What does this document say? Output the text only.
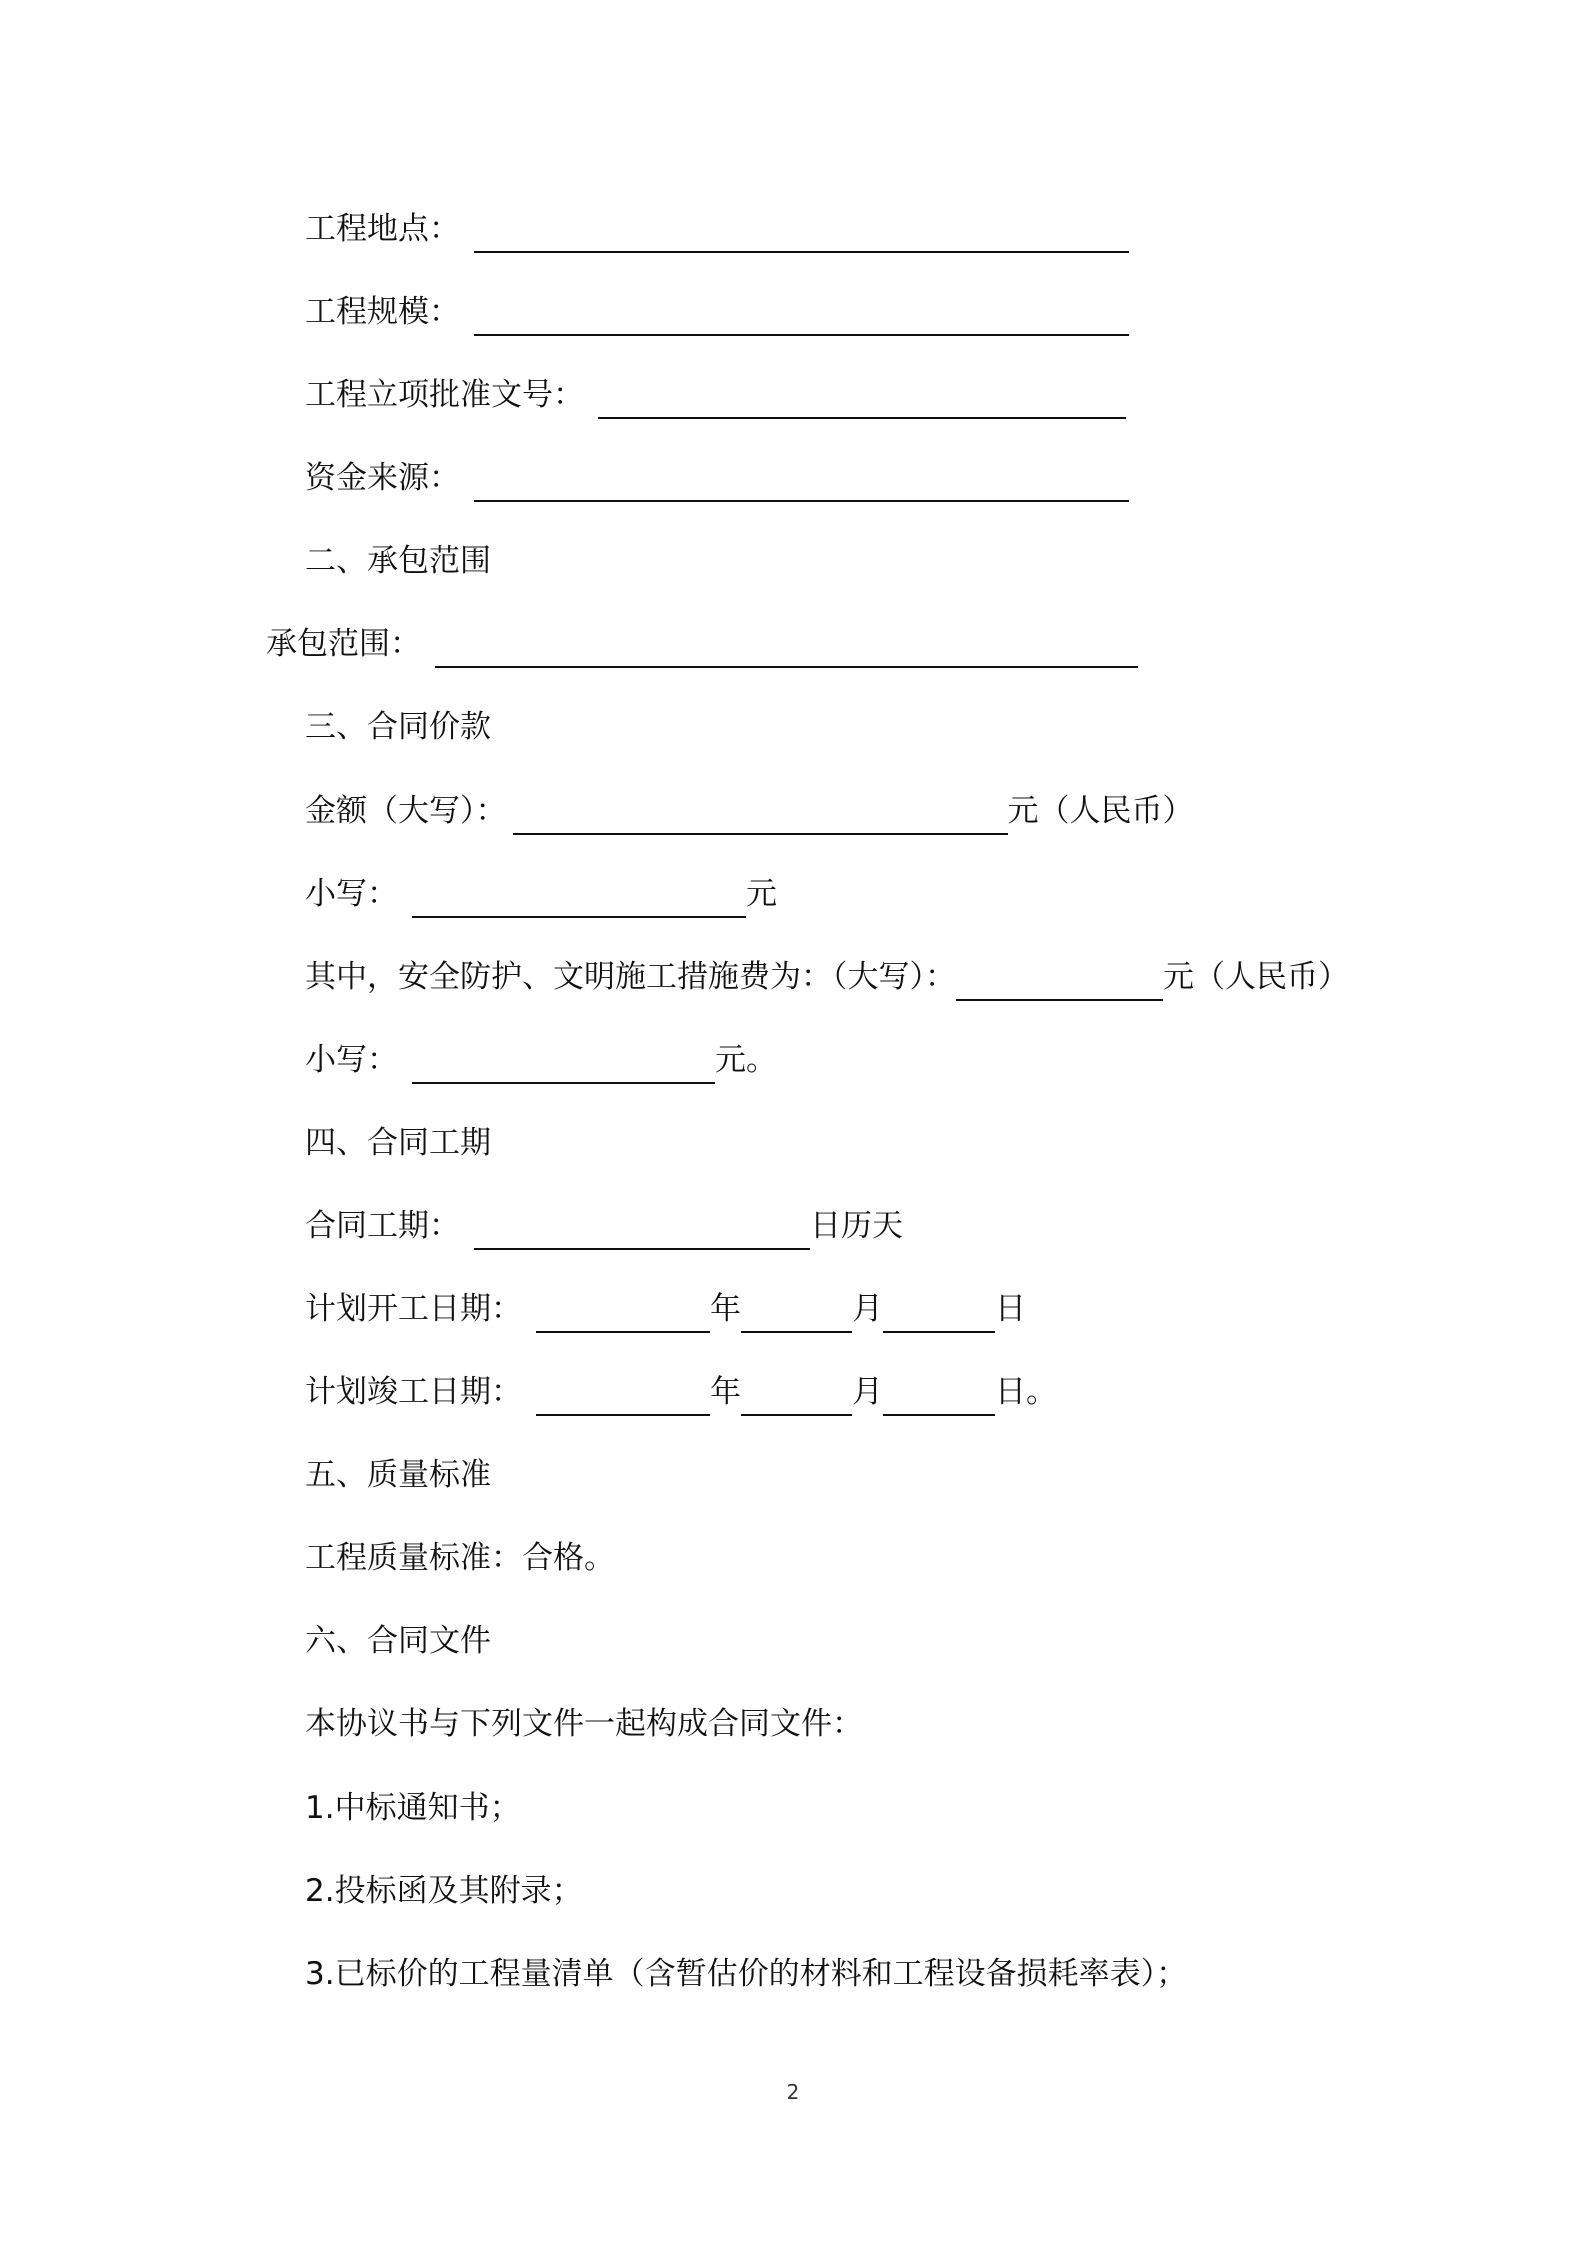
工程地点：
工程规模：
工程立项批准文号：
资金来源：
二、承包范围
承包范围：
三、合同价款
金额（大写）：	元（人民币）
小写：	元
其中，安全防护、文明施工措施费为：（大写）：	元（人民币）
小写：	元。
四、合同工期
合同工期：	日历天
计划开工日期：	年	月	日
计划竣工日期：	年	月	日。
五、质量标准
工程质量标准：合格。
六、合同文件
本协议书与下列文件一起构成合同文件：
1.中标通知书；
2.投标函及其附录；
3.已标价的工程量清单（含暂估价的材料和工程设备损耗率表）；
2
